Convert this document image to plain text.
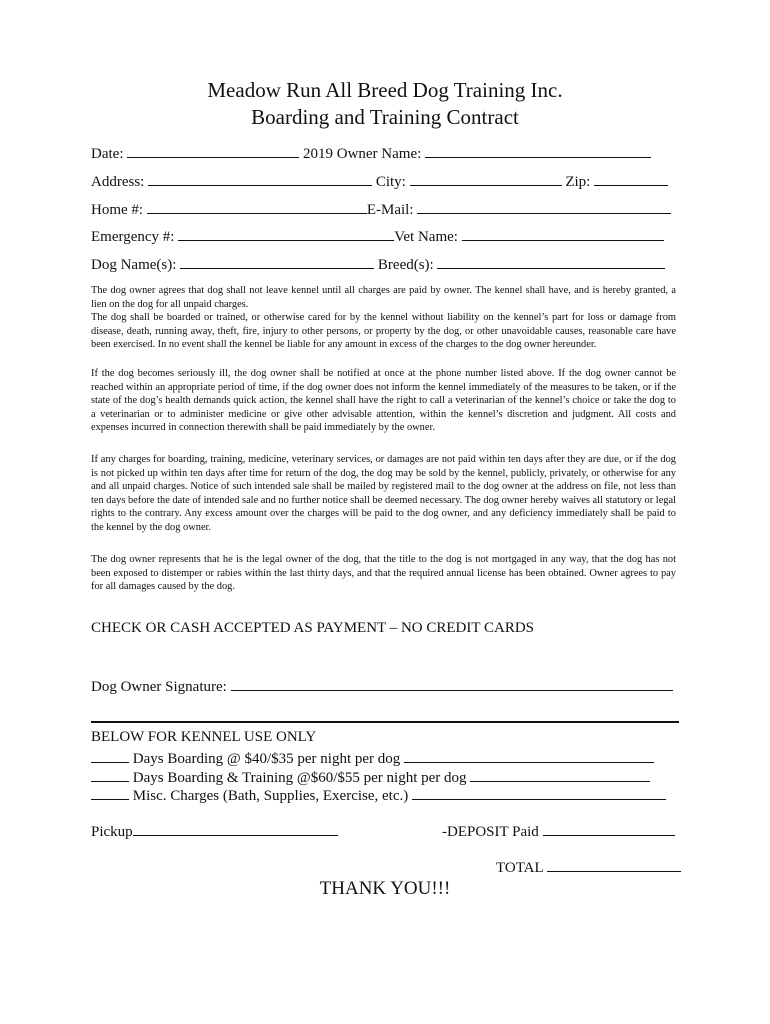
Meadow Run All Breed Dog Training Inc.
Boarding and Training Contract
Date:	2019 Owner Name:
Address:	City:	Zip:
Home #:	E-Mail:
Emergency #:	Vet Name:
Dog Name(s):	Breed(s):

The dog owner agrees that dog shall not leave kennel until all charges are paid by owner. The kennel shall have, and is hereby granted, a lien on the dog for all unpaid charges.

The dog shall be boarded or trained, or otherwise cared for by the kennel without liability on the kennel’s part for loss or damage from disease, death, running away, theft, fire, injury to other persons, or property by the dog, or other unavoidable causes, reasonable care have been exercised. In no event shall the kennel be liable for any amount in excess of the charges to the dog owner hereunder.

If the dog becomes seriously ill, the dog owner shall be notified at once at the phone number listed above. If the dog owner cannot be reached within an appropriate period of time, if the dog owner does not inform the kennel immediately of the measures to be taken, or if the state of the dog’s health demands quick action, the kennel shall have the right to call a veterinarian of the kennel’s choice or take the dog to a veterinarian or to administer medicine or give other advisable attention, within the kennel’s discretion and judgment. All costs and expenses incurred in connection therewith shall be paid immediately by the owner.

If any charges for boarding, training, medicine, veterinary services, or damages are not paid within ten days after they are due, or if the dog is not picked up within ten days after time for return of the dog, the dog may be sold by the kennel, publicly, privately, or otherwise for any and all unpaid charges. Notice of such intended sale shall be mailed by registered mail to the dog owner at the address on file, not less than ten days before the date of intended sale and no further notice shall be deemed necessary. The dog owner hereby waives all statutory or legal rights to the contrary. Any excess amount over the charges will be paid to the dog owner, and any deficiency immediately shall be paid to the kennel by the dog owner.

The dog owner represents that he is the legal owner of the dog, that the title to the dog is not mortgaged in any way, that the dog has not been exposed to distemper or rabies within the last thirty days, and that the required annual license has been obtained. Owner agrees to pay for all damages caused by the dog.

CHECK OR CASH ACCEPTED AS PAYMENT – NO CREDIT CARDS
Dog Owner Signature:
BELOW FOR KENNEL USE ONLY
Days Boarding @ $40/$35 per night per dog
Days Boarding & Training @$60/$55 per night per dog
Misc. Charges (Bath, Supplies, Exercise, etc.)
Pickup	-DEPOSIT Paid
TOTAL
THANK YOU!!!
